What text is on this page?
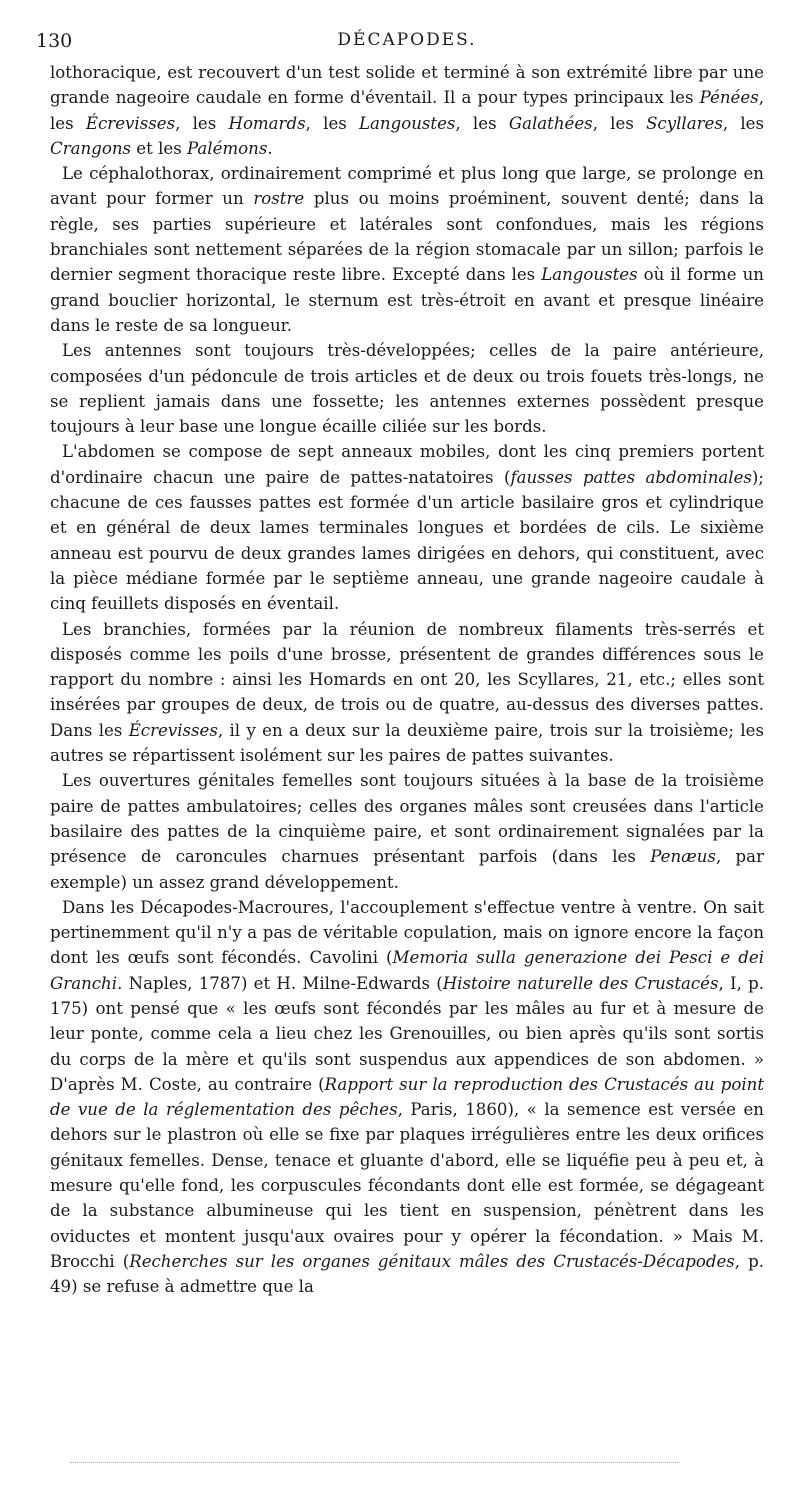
130	DÉCAPODES.

lothoracique, est recouvert d'un test solide et terminé à son extrémité libre par une grande nageoire caudale en forme d'éventail. Il a pour types principaux les Pénées, les Écrevisses, les Homards, les Langoustes, les Galathées, les Scyllares, les Crangons et les Palémons.

Le céphalothorax, ordinairement comprimé et plus long que large, se prolonge en avant pour former un rostre plus ou moins proéminent, souvent denté; dans la règle, ses parties supérieure et latérales sont confondues, mais les régions branchiales sont nettement séparées de la région stomacale par un sillon; parfois le dernier segment thoracique reste libre. Excepté dans les Langoustes où il forme un grand bouclier horizontal, le sternum est très-étroit en avant et presque linéaire dans le reste de sa longueur.

Les antennes sont toujours très-développées; celles de la paire antérieure, composées d'un pédoncule de trois articles et de deux ou trois fouets très-longs, ne se replient jamais dans une fossette; les antennes externes possèdent presque toujours à leur base une longue écaille ciliée sur les bords.

L'abdomen se compose de sept anneaux mobiles, dont les cinq premiers portent d'ordinaire chacun une paire de pattes-natatoires (fausses pattes abdominales); chacune de ces fausses pattes est formée d'un article basilaire gros et cylindrique et en général de deux lames terminales longues et bordées de cils. Le sixième anneau est pourvu de deux grandes lames dirigées en dehors, qui constituent, avec la pièce médiane formée par le septième anneau, une grande nageoire caudale à cinq feuillets disposés en éventail.

Les branchies, formées par la réunion de nombreux filaments très-serrés et disposés comme les poils d'une brosse, présentent de grandes différences sous le rapport du nombre : ainsi les Homards en ont 20, les Scyllares, 21, etc.; elles sont insérées par groupes de deux, de trois ou de quatre, au-dessus des diverses pattes. Dans les Écrevisses, il y en a deux sur la deuxième paire, trois sur la troisième; les autres se répartissent isolément sur les paires de pattes suivantes.

Les ouvertures génitales femelles sont toujours situées à la base de la troisième paire de pattes ambulatoires; celles des organes mâles sont creusées dans l'article basilaire des pattes de la cinquième paire, et sont ordinairement signalées par la présence de caroncules charnues présentant parfois (dans les Penæus, par exemple) un assez grand développement.

Dans les Décapodes-Macroures, l'accouplement s'effectue ventre à ventre. On sait pertinemment qu'il n'y a pas de véritable copulation, mais on ignore encore la façon dont les œufs sont fécondés. Cavolini (Memoria sulla generazione dei Pesci e dei Granchi. Naples, 1787) et H. Milne-Edwards (Histoire naturelle des Crustacés, I, p. 175) ont pensé que « les œufs sont fécondés par les mâles au fur et à mesure de leur ponte, comme cela a lieu chez les Grenouilles, ou bien après qu'ils sont sortis du corps de la mère et qu'ils sont suspendus aux appendices de son abdomen. » D'après M. Coste, au contraire (Rapport sur la reproduction des Crustacés au point de vue de la réglementation des pêches, Paris, 1860), « la semence est versée en dehors sur le plastron où elle se fixe par plaques irrégulières entre les deux orifices génitaux femelles. Dense, tenace et gluante d'abord, elle se liquéfie peu à peu et, à mesure qu'elle fond, les corpuscules fécondants dont elle est formée, se dégageant de la substance albumineuse qui les tient en suspension, pénètrent dans les oviductes et montent jusqu'aux ovaires pour y opérer la fécondation. » Mais M. Brocchi (Recherches sur les organes génitaux mâles des Crustacés-Décapodes, p. 49) se refuse à admettre que la
